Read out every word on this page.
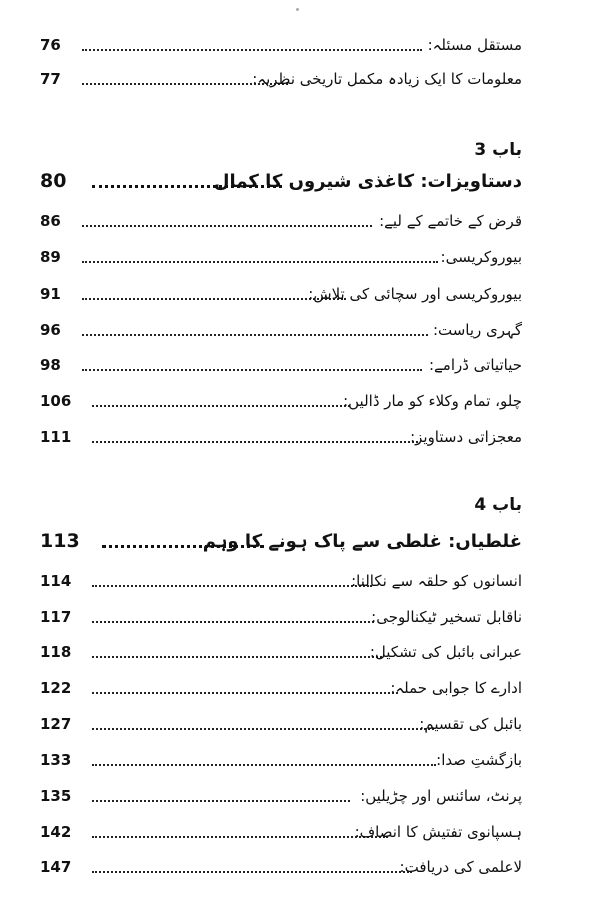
76	مستقل مسئلہ:
77	معلومات کا ایک زیادہ مکمل تاریخی نظریہ:
باب 3
80	دستاویزات: کاغذی شیروں کا کمال
86	قرض کے خاتمے کے لیے:
89	بیوروکریسی:
91	بیوروکریسی اور سچائی کی تلاش:
96	گہری ریاست:
98	حیاتیاتی ڈرامے:
106	چلو، تمام وکلاء کو مار ڈالیں:
111	معجزاتی دستاویز:
باب 4
113	غلطیاں: غلطی سے پاک ہونے کا وہم
114	انسانوں کو حلقہ سے نکالنا:
117	ناقابل تسخیر ٹیکنالوجی:
118	عبرانی بائبل کی تشکیل:
122	ادارے کا جوابی حملہ:
127	بائبل کی تقسیم:
133	بازگشتِ صدا:
135	پرنٹ، سائنس اور چڑیلیں:
142	ہسپانوی تفتیش کا انصاف:
147	لاعلمی کی دریافت:
